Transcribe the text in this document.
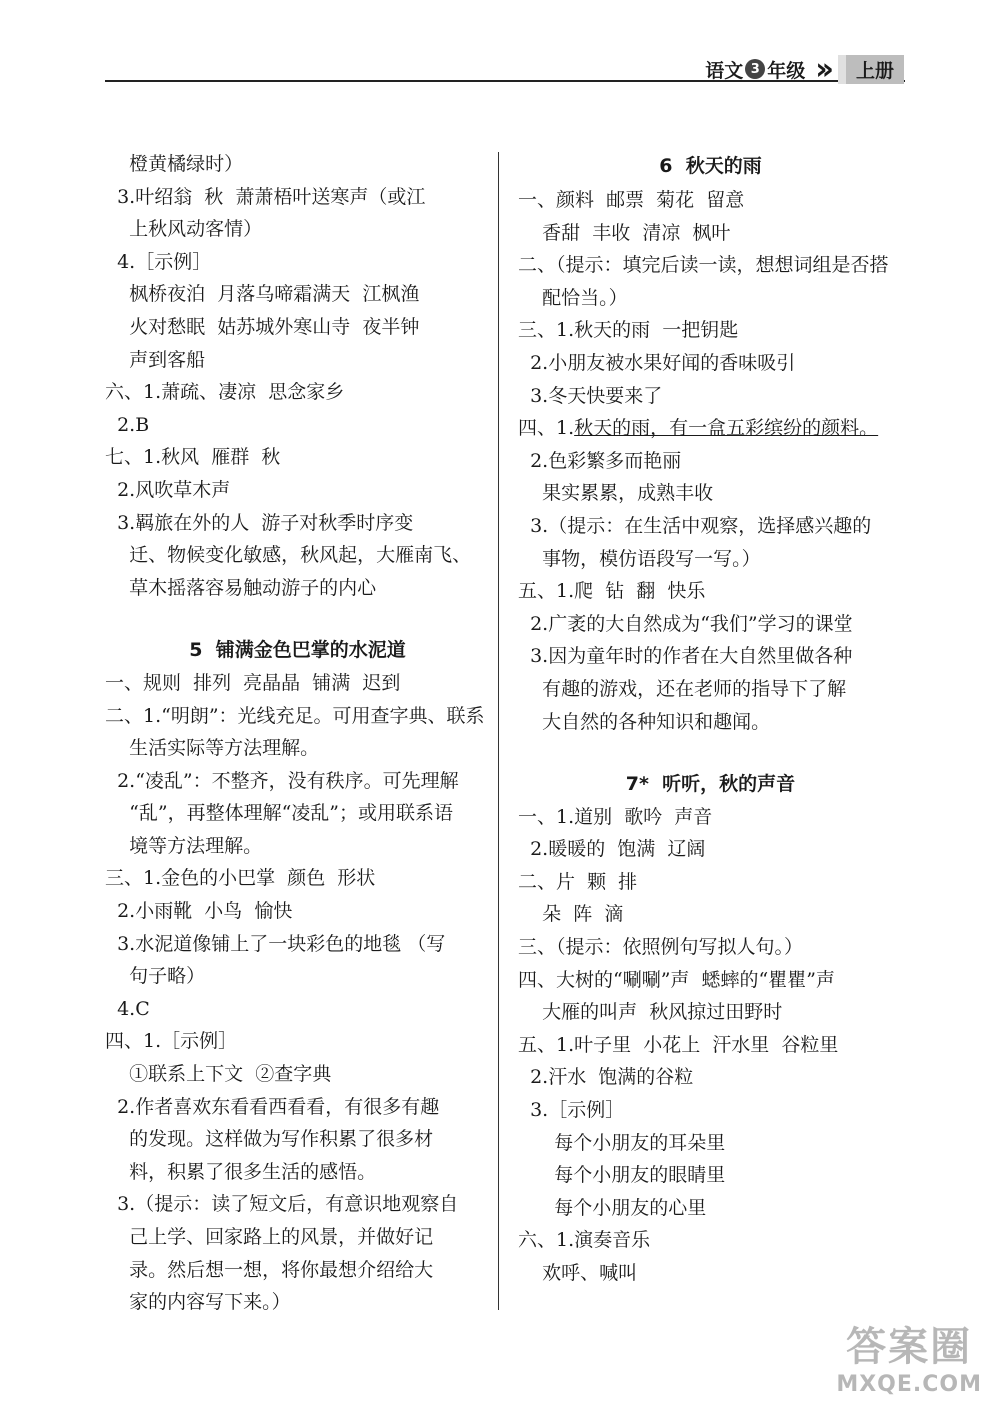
语文 3 年级 ››	上册
橙黄橘绿时）
3.叶绍翁  秋  萧萧梧叶送寒声（或江
上秋风动客情）
4.［示例］
枫桥夜泊  月落乌啼霜满天  江枫渔
火对愁眠  姑苏城外寒山寺  夜半钟
声到客船
六、1.萧疏、凄凉  思念家乡
2.B
七、1.秋风  雁群  秋
2.风吹草木声
3.羁旅在外的人  游子对秋季时序变
迁、物候变化敏感，秋风起，大雁南飞、
草木摇落容易触动游子的内心
5  铺满金色巴掌的水泥道
一、规则  排列  亮晶晶  铺满  迟到
二、1.“明朗”：光线充足。可用查字典、联系
生活实际等方法理解。
2.“凌乱”：不整齐，没有秩序。可先理解
“乱”，再整体理解“凌乱”；或用联系语
境等方法理解。
三、1.金色的小巴掌  颜色  形状
2.小雨靴  小鸟  愉快
3.水泥道像铺上了一块彩色的地毯 （写
句子略）
4.C
四、1.［示例］
①联系上下文  ②查字典
2.作者喜欢东看看西看看，有很多有趣
的发现。这样做为写作积累了很多材
料，积累了很多生活的感悟。
3.（提示：读了短文后，有意识地观察自
己上学、回家路上的风景，并做好记
录。然后想一想，将你最想介绍给大
家的内容写下来。）
6  秋天的雨
一、颜料  邮票  菊花  留意
香甜  丰收  清凉  枫叶
二、（提示：填完后读一读，想想词组是否搭
配恰当。）
三、1.秋天的雨  一把钥匙
2.小朋友被水果好闻的香味吸引
3.冬天快要来了
四、1.秋天的雨，有一盒五彩缤纷的颜料。
2.色彩繁多而艳丽
果实累累，成熟丰收
3.（提示：在生活中观察，选择感兴趣的
事物，模仿语段写一写。）
五、1.爬  钻  翻  快乐
2.广袤的大自然成为“我们”学习的课堂
3.因为童年时的作者在大自然里做各种
有趣的游戏，还在老师的指导下了解
大自然的各种知识和趣闻。
7*  听听，秋的声音
一、1.道别  歌吟  声音
2.暖暖的  饱满  辽阔
二、片  颗  排
朵  阵  滴
三、（提示：依照例句写拟人句。）
四、大树的“唰唰”声  蟋蟀的“瞿瞿”声
大雁的叫声  秋风掠过田野时
五、1.叶子里  小花上  汗水里  谷粒里
2.汗水  饱满的谷粒
3.［示例］
每个小朋友的耳朵里
每个小朋友的眼睛里
每个小朋友的心里
六、1.演奏音乐
欢呼、喊叫
答案圈
MXQE.COM
